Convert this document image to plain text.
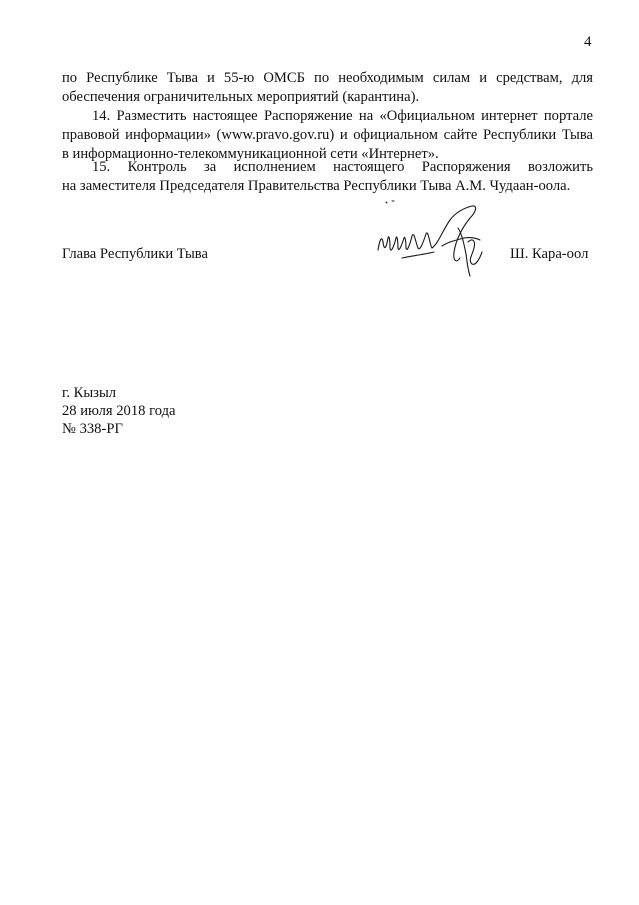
4
по Республике Тыва и 55-ю ОМСБ по необходимым силам и средствам, для
обеспечения ограничительных мероприятий (карантина).
14. Разместить настоящее Распоряжение на «Официальном интернет портале
правовой информации» (www.pravo.gov.ru) и официальном сайте Республики Тыва
в информационно-телекоммуникационной сети «Интернет».
15. Контроль за исполнением настоящего Распоряжения возложить
на заместителя Председателя Правительства Республики Тыва А.М. Чудаан-оола.
Глава Республики Тыва	Ш. Кара-оол
г. Кызыл
28 июля 2018 года
№ 338-РГ
